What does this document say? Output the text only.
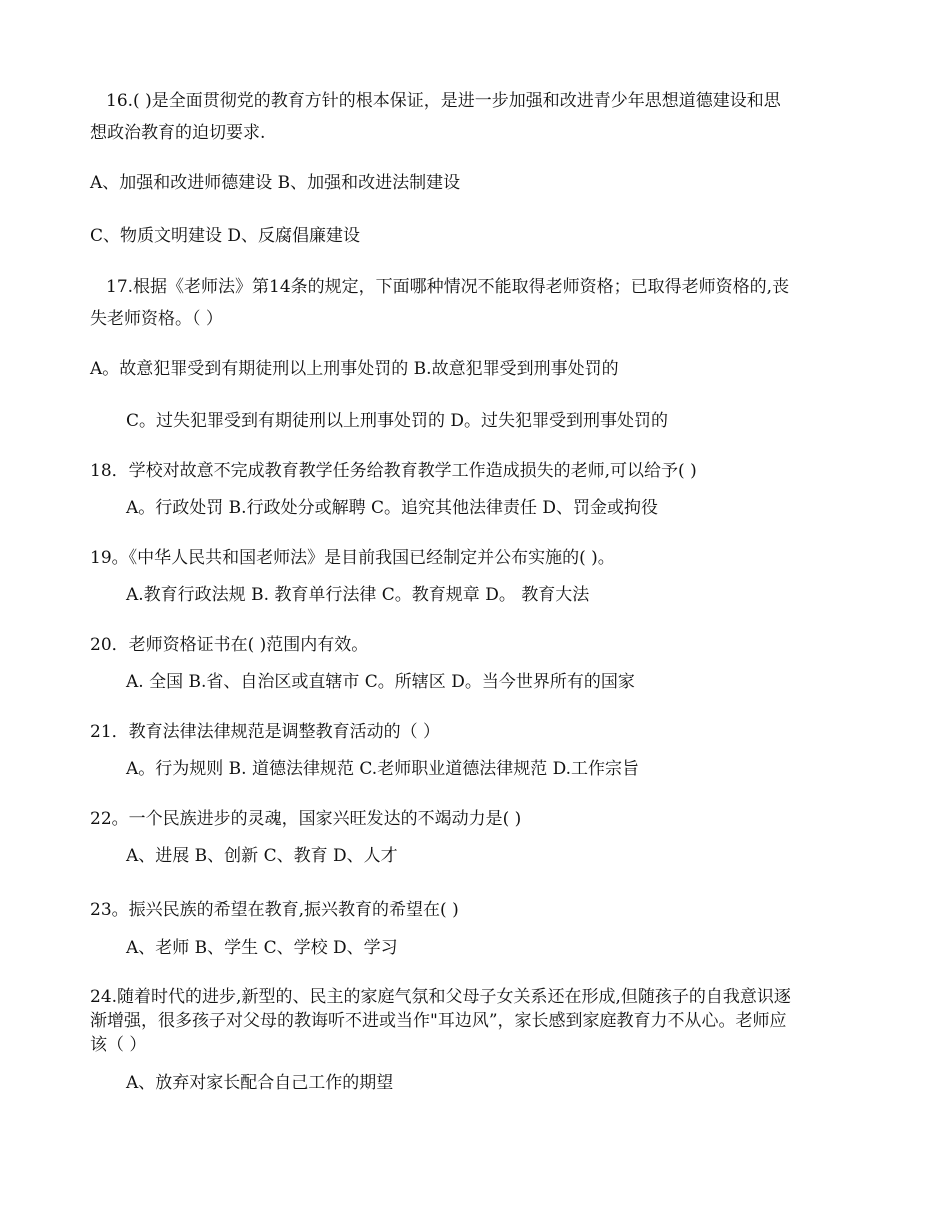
16.( )是全面贯彻党的教育方针的根本保证，是进一步加强和改进青少年思想道德建设和思
想政治教育的迫切要求.
A、加强和改进师德建设 B、加强和改进法制建设
C、物质文明建设 D、反腐倡廉建设
17.根据《老师法》第14条的规定，下面哪种情况不能取得老师资格；已取得老师资格的,丧
失老师资格。（ ）
A。故意犯罪受到有期徒刑以上刑事处罚的 B.故意犯罪受到刑事处罚的
C。过失犯罪受到有期徒刑以上刑事处罚的 D。过失犯罪受到刑事处罚的
18．学校对故意不完成教育教学任务给教育教学工作造成损失的老师,可以给予( )
A。行政处罚 B.行政处分或解聘 C。追究其他法律责任 D、罚金或拘役
19。《中华人民共和国老师法》是目前我国已经制定并公布实施的( )。
A.教育行政法规 B. 教育单行法律 C。教育规章 D。 教育大法
20．老师资格证书在( )范围内有效。
A. 全国 B.省、自治区或直辖市 C。所辖区 D。当今世界所有的国家
21．教育法律法律规范是调整教育活动的（ ）
A。行为规则 B. 道德法律规范 C.老师职业道德法律规范 D.工作宗旨
22。一个民族进步的灵魂，国家兴旺发达的不竭动力是( )
A、进展 B、创新 C、教育 D、人才
23。振兴民族的希望在教育,振兴教育的希望在( )
A、老师 B、学生 C、学校 D、学习
24.随着时代的进步,新型的、民主的家庭气氛和父母子女关系还在形成,但随孩子的自我意识逐
渐增强，很多孩子对父母的教诲听不进或当作"耳边风”，家长感到家庭教育力不从心。老师应
该（ ）
A、放弃对家长配合自己工作的期望
